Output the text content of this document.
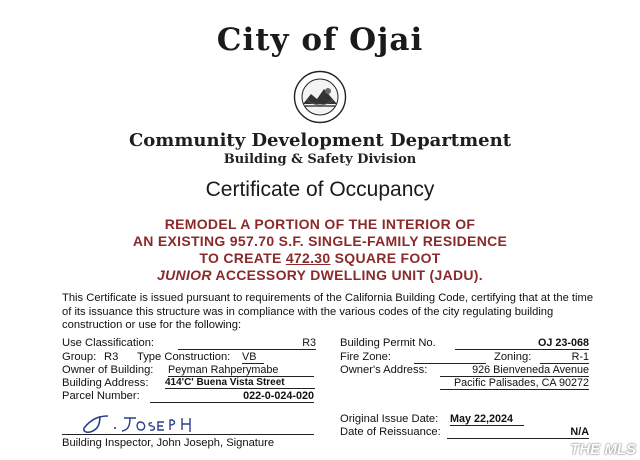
City of Ojai
Community Development Department
Building & Safety Division
Certificate of Occupancy
REMODEL A PORTION OF THE INTERIOR OF
AN EXISTING 957.70 S.F. SINGLE-FAMILY RESIDENCE
TO CREATE 472.30 SQUARE FOOT
JUNIOR ACCESSORY DWELLING UNIT (JADU).
This Certificate is issued pursuant to requirements of the California Building Code, certifying that at the time of its issuance this structure was in compliance with the various codes of the city regulating building construction or use for the following:
Use Classification:	R3
Group: R3 Type Construction: VB
Owner of Building: Peyman Rahperymabe
Building Address: 414'C' Buena Vista Street
Parcel Number:	022-0-024-020
Building Permit No.	OJ 23-068
Fire Zone:	Zoning:	R-1
Owner's Address:	926 Bienveneda Avenue
Pacific Palisades, CA 90272
Original Issue Date: May 22,2024
Date of Reissuance:	N/A
Building Inspector, John Joseph, Signature	THE MLS
